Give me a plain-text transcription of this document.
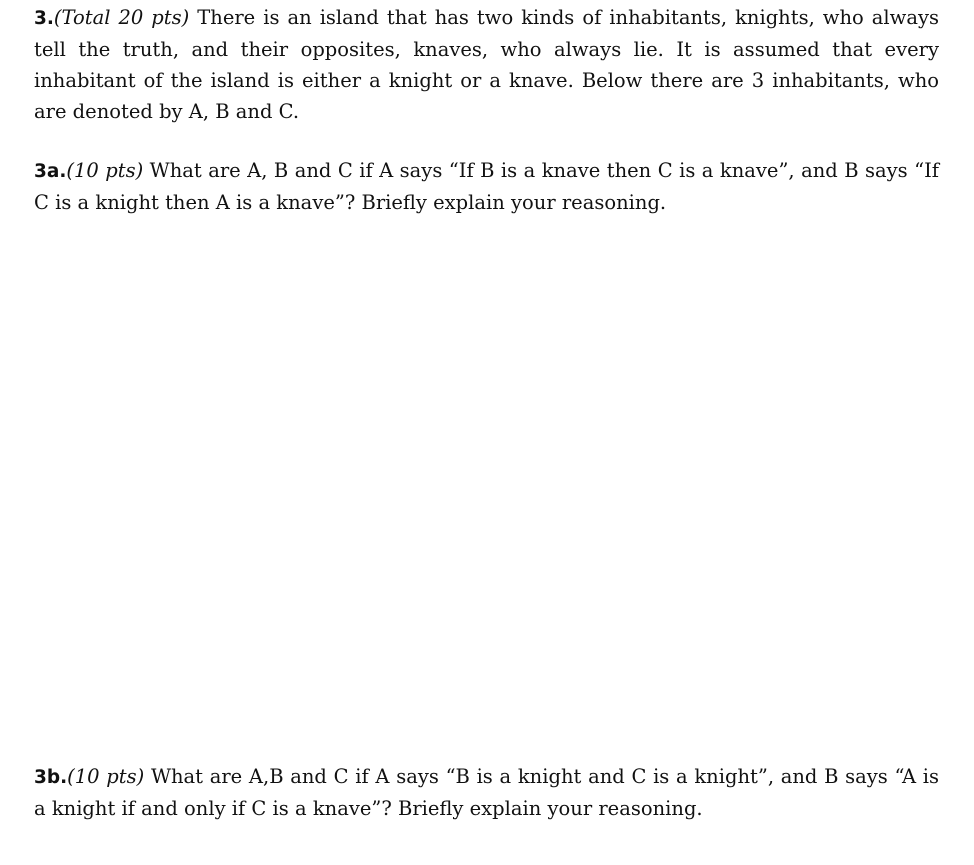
3.(Total 20 pts) There is an island that has two kinds of inhabitants, knights, who always tell the truth, and their opposites, knaves, who always lie. It is assumed that every inhabitant of the island is either a knight or a knave. Below there are 3 inhabitants, who are denoted by A, B and C.

3a.(10 pts) What are A, B and C if A says “If B is a knave then C is a knave”, and B says “If C is a knight then A is a knave”? Briefly explain your reasoning.

3b.(10 pts) What are A,B and C if A says “B is a knight and C is a knight”, and B says “A is a knight if and only if C is a knave”? Briefly explain your reasoning.
